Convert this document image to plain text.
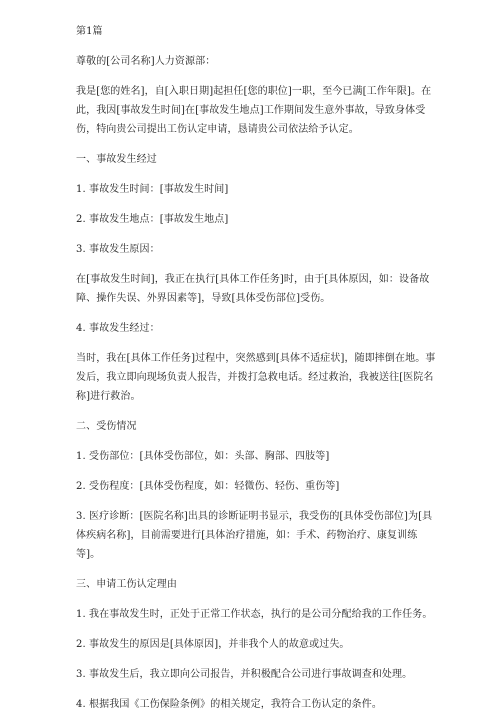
第1篇

尊敬的[公司名称]人力资源部：

我是[您的姓名]，自[入职日期]起担任[您的职位]一职，至今已满[工作年限]。在此，我因[事故发生时间]在[事故发生地点]工作期间发生意外事故，导致身体受伤，特向贵公司提出工伤认定申请，恳请贵公司依法给予认定。

一、事故发生经过

1. 事故发生时间：[事故发生时间]

2. 事故发生地点：[事故发生地点]

3. 事故发生原因：

在[事故发生时间]，我正在执行[具体工作任务]时，由于[具体原因，如：设备故障、操作失误、外界因素等]，导致[具体受伤部位]受伤。

4. 事故发生经过：

当时，我在[具体工作任务]过程中，突然感到[具体不适症状]，随即摔倒在地。事发后，我立即向现场负责人报告，并拨打急救电话。经过救治，我被送往[医院名称]进行救治。

二、受伤情况

1. 受伤部位：[具体受伤部位，如：头部、胸部、四肢等]

2. 受伤程度：[具体受伤程度，如：轻微伤、轻伤、重伤等]

3. 医疗诊断：[医院名称]出具的诊断证明书显示，我受伤的[具体受伤部位]为[具体疾病名称]，目前需要进行[具体治疗措施，如：手术、药物治疗、康复训练等]。

三、申请工伤认定理由

1. 我在事故发生时，正处于正常工作状态，执行的是公司分配给我的工作任务。

2. 事故发生的原因是[具体原因]，并非我个人的故意或过失。

3. 事故发生后，我立即向公司报告，并积极配合公司进行事故调查和处理。

4. 根据我国《工伤保险条例》的相关规定，我符合工伤认定的条件。
